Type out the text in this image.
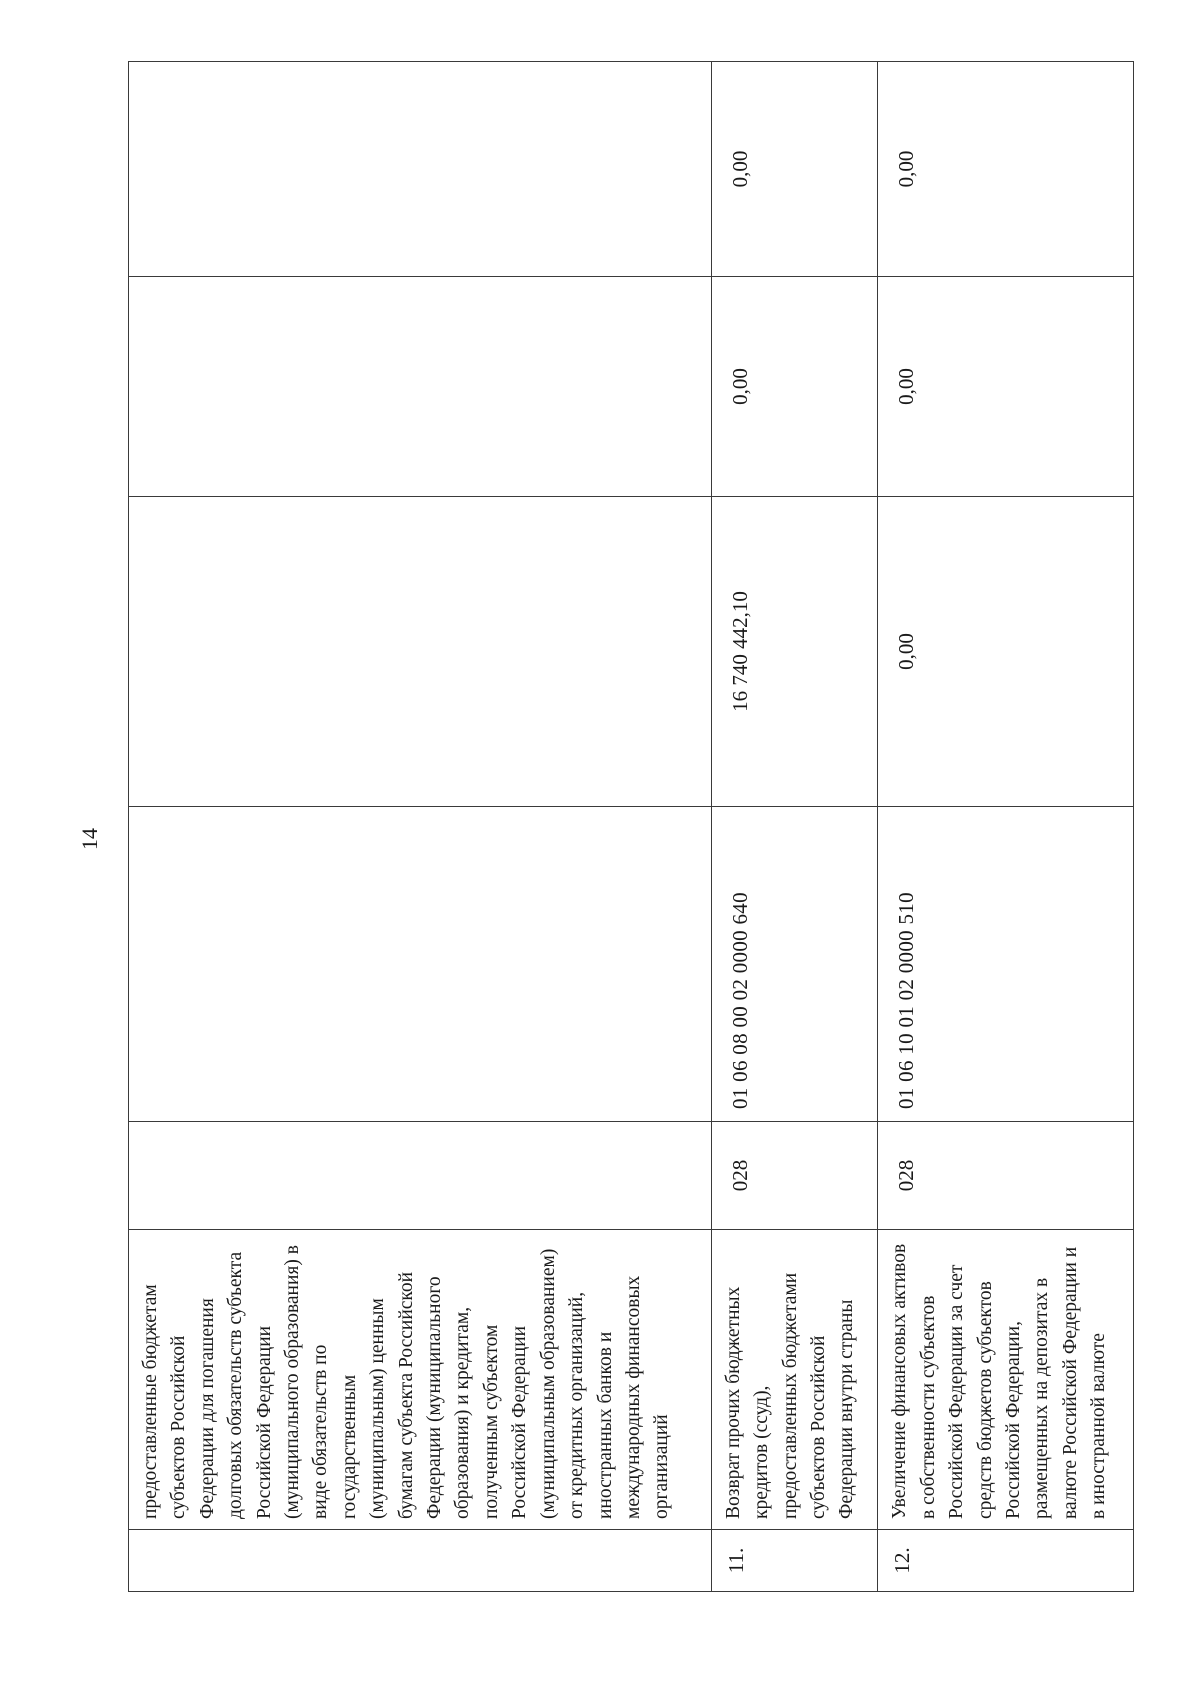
14
	предоставленные бюджетам субъектов Российской Федерации для погашения долговых обязательств субъекта Российской Федерации (муниципального образования) в виде обязательств по государственным (муниципальным) ценным бумагам субъекта Российской Федерации (муниципального образования) и кредитам, полученным субъектом Российской Федерации (муниципальным образованием) от кредитных организаций, иностранных банков и международных финансовых организаций					
11.	Возврат прочих бюджетных кредитов (ссуд), предоставленных бюджетами субъектов Российской Федерации внутри страны	028	01 06 08 00 02 0000 640	16 740 442,10	0,00	0,00
12.	Увеличение финансовых активов в собственности субъектов Российской Федерации за счет средств бюджетов субъектов Российской Федерации, размещенных на депозитах в валюте Российской Федерации и в иностранной валюте	028	01 06 10 01 02 0000 510	0,00	0,00	0,00
